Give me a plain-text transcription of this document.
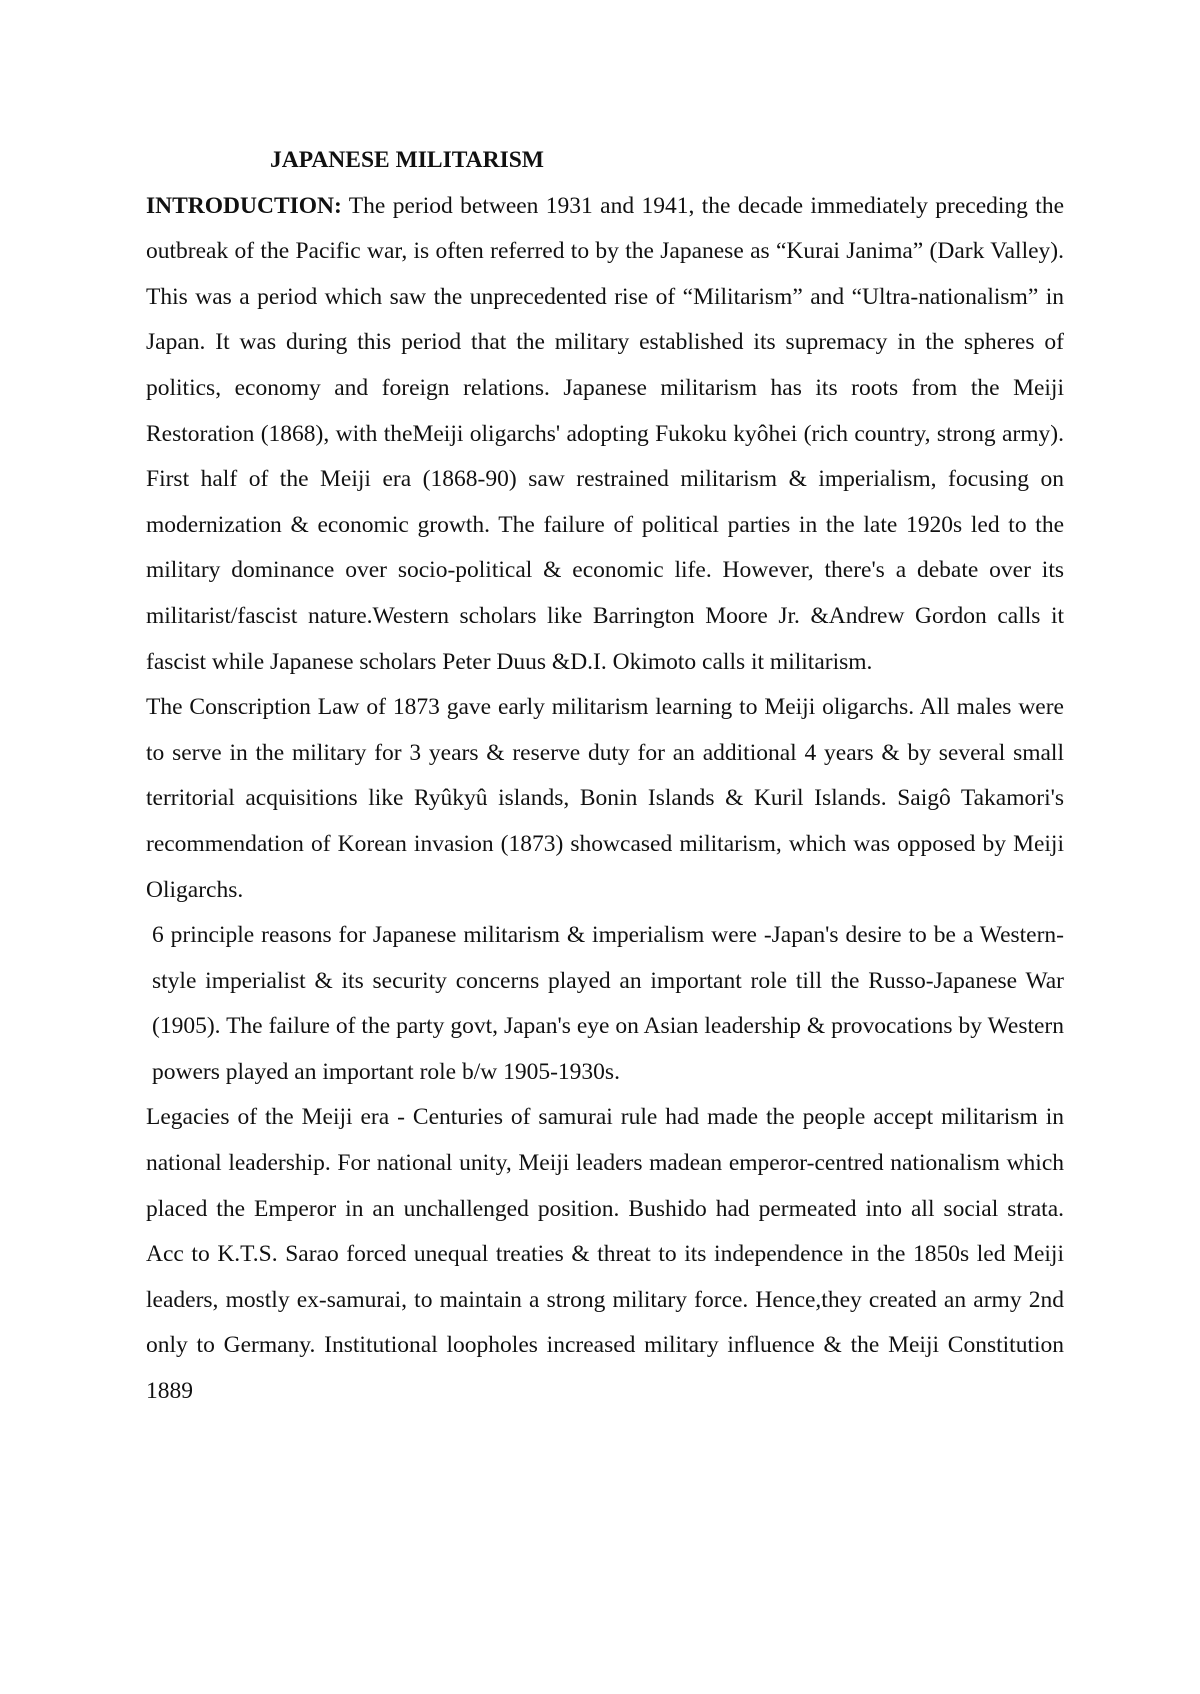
JAPANESE MILITARISM

INTRODUCTION: The period between 1931 and 1941, the decade immediately preceding the outbreak of the Pacific war, is often referred to by the Japanese as “Kurai Janima” (Dark Valley). This was a period which saw the unprecedented rise of “Militarism” and “Ultra-nationalism” in Japan. It was during this period that the military established its supremacy in the spheres of politics, economy and foreign relations. Japanese militarism has its roots from the Meiji Restoration (1868), with theMeiji oligarchs' adopting Fukoku kyôhei (rich country, strong army). First half of the Meiji era (1868-90) saw restrained militarism & imperialism, focusing on modernization & economic growth. The failure of political parties in the late 1920s led to the military dominance over socio-political & economic life. However, there's a debate over its militarist/fascist nature.Western scholars like Barrington Moore Jr. &Andrew Gordon calls it fascist while Japanese scholars Peter Duus &D.I. Okimoto calls it militarism.

The Conscription Law of 1873 gave early militarism learning to Meiji oligarchs. All males were to serve in the military for 3 years & reserve duty for an additional 4 years & by several small territorial acquisitions like Ryûkyû islands, Bonin Islands & Kuril Islands. Saigô Takamori's recommendation of Korean invasion (1873) showcased militarism, which was opposed by Meiji Oligarchs.

6 principle reasons for Japanese militarism & imperialism were -Japan's desire to be a Western-style imperialist & its security concerns played an important role till the Russo-Japanese War (1905). The failure of the party govt, Japan's eye on Asian leadership & provocations by Western powers played an important role b/w 1905-1930s.

Legacies of the Meiji era - Centuries of samurai rule had made the people accept militarism in national leadership. For national unity, Meiji leaders madean emperor-centred nationalism which placed the Emperor in an unchallenged position. Bushido had permeated into all social strata. Acc to K.T.S. Sarao forced unequal treaties & threat to its independence in the 1850s led Meiji leaders, mostly ex-samurai, to maintain a strong military force. Hence,they created an army 2nd only to Germany. Institutional loopholes increased military influence & the Meiji Constitution 1889
